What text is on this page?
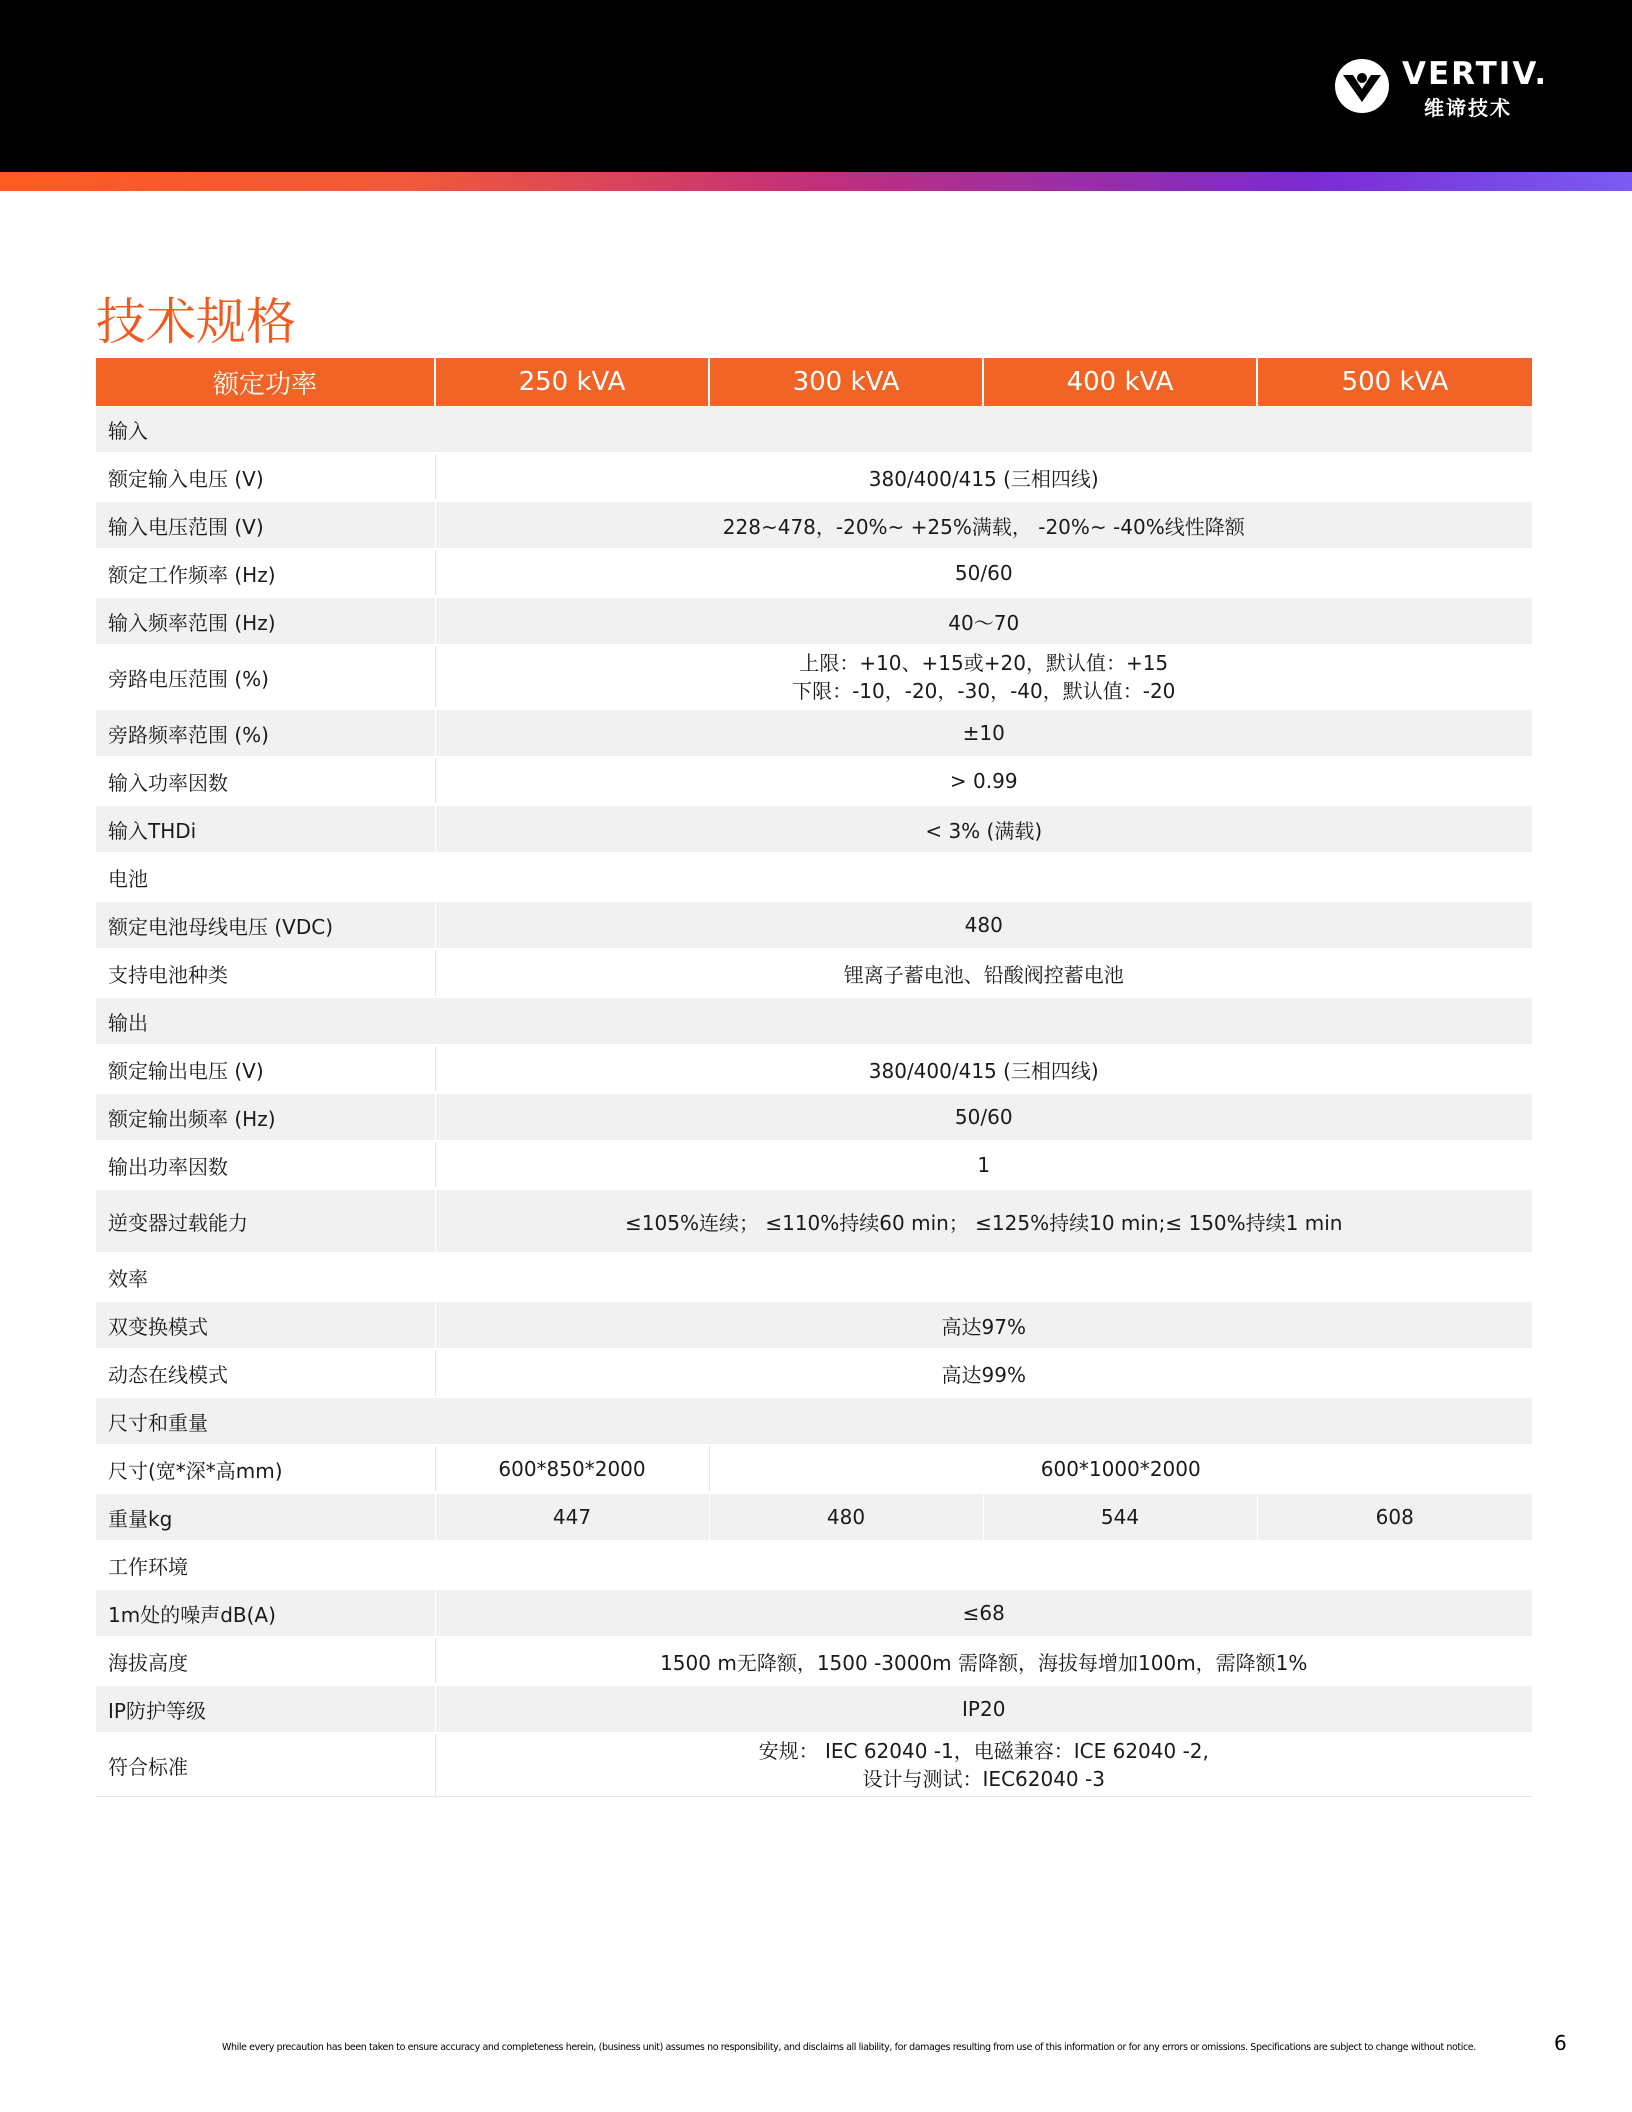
VERTIV.
维谛技术
技术规格
额定功率	250 kVA	300 kVA	400 kVA	500 kVA
输入				
额定输入电压 (V)	380/400/415 (三相四线)			
输入电压范围 (V)	228~478，-20%~ +25%满载， -20%~ -40%线性降额			
额定工作频率 (Hz)	50/60			
输入频率范围 (Hz)	40～70			
旁路电压范围 (%)	上限：+10、+15或+20，默认值：+15
下限：-10，-20，-30，-40，默认值：-20			
旁路频率范围 (%)	±10			
输入功率因数	> 0.99			
输入THDi	< 3% (满载)			
电池				
额定电池母线电压 (VDC)	480			
支持电池种类	锂离子蓄电池、铅酸阀控蓄电池			
输出				
额定输出电压 (V)	380/400/415 (三相四线)			
额定输出频率 (Hz)	50/60			
输出功率因数	1			
逆变器过载能力	≤105%连续； ≤110%持续60 min； ≤125%持续10 min;≤ 150%持续1 min			
效率				
双变换模式	高达97%			
动态在线模式	高达99%			
尺寸和重量				
尺寸(宽*深*高mm)	600*850*2000	600*1000*2000		
重量kg	447	480	544	608
工作环境				
1m处的噪声dB(A)	≤68			
海拔高度	1500 m无降额，1500 -3000m 需降额，海拔每增加100m，需降额1%			
IP防护等级	IP20			
符合标准	安规： IEC 62040 -1，电磁兼容：ICE 62040 -2,
设计与测试：IEC62040 -3			
While every precaution has been taken to ensure accuracy and completeness herein, (business unit) assumes no responsibility, and disclaims all liability, for damages resulting from use of this information or for any errors or omissions. Specifications are subject to change without notice.	6
